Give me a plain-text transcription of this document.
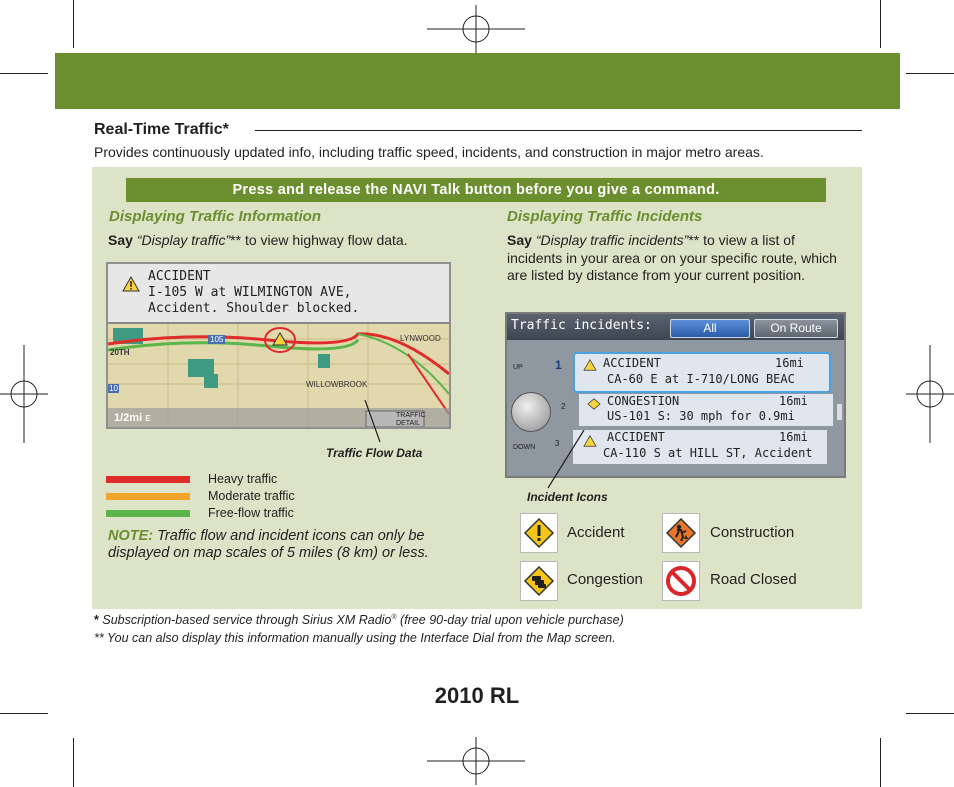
Real-Time Traffic*
Provides continuously updated info, including traffic speed, incidents, and construction in major metro areas.
Press and release the NAVI Talk button before you give a command.
Displaying Traffic Information
Say “Display traffic”** to view highway flow data.
ACCIDENT
I-105 W at WILMINGTON AVE,
Accident. Shoulder blocked.
105
20TH
LYNWOOD
WILLOWBROOK
10
1/2mi E	TRAFFIC
DETAIL
Traffic Flow Data
Heavy traffic
Moderate traffic
Free-flow traffic
NOTE: Traffic flow and incident icons can only be displayed on map scales of 5 miles (8 km) or less.
Displaying Traffic Incidents
Say “Display traffic incidents”** to view a list of incidents in your area or on your specific route, which are listed by distance from your current position.
Traffic incidents:	All	On Route
UP
DOWN
1
2
3
ACCIDENT	16mi
CA-60 E at I-710/LONG BEAC
CONGESTION	16mi
US-101 S: 30 mph for 0.9mi
ACCIDENT	16mi
CA-110 S at HILL ST, Accident
Incident Icons
Accident	Construction
Congestion	Road Closed
* Subscription-based service through Sirius XM Radio® (free 90-day trial upon vehicle purchase)
** You can also display this information manually using the Interface Dial from the Map screen.
2010 RL
